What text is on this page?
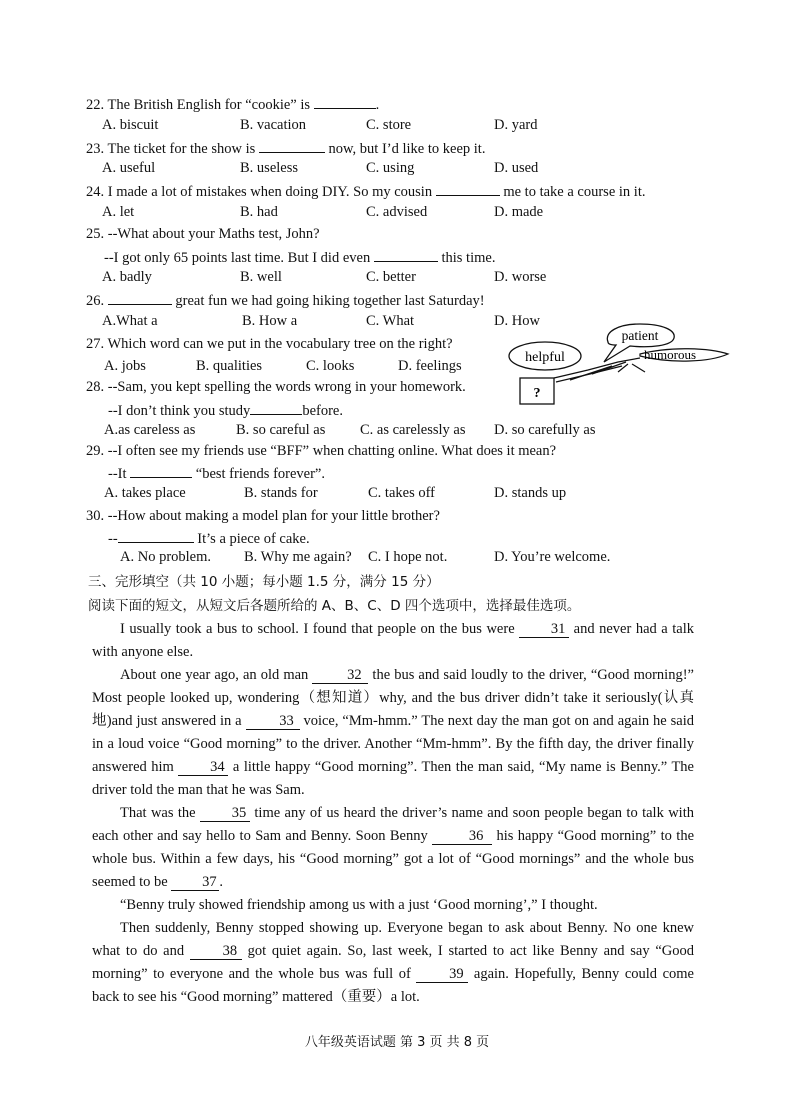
22. The British English for “cookie” is	.
A. biscuit	B. vacation	C. store	D. yard
23. The ticket for the show is	now, but I’d like to keep it.
A. useful	B. useless	C. using	D. used
24. I made a lot of mistakes when doing DIY. So my cousin	me to take a course in it.
A. let	B. had	C. advised	D. made
25. --What about your Maths test, John?
--I got only 65 points last time. But I did even	this time.
A. badly	B. well	C. better	D. worse
26.	great fun we had going hiking together last Saturday!
A.What a	B. How a	C. What	D. How
27. Which word can we put in the vocabulary tree on the right?
A. jobs	B. qualities	C. looks	D. feelings
helpful
patient
humorous
?
28. --Sam, you kept spelling the words wrong in your homework.
--I don’t think you study	before.
A.as careless as	B. so careful as C. as carelessly as D. so carefully as
29. --I often see my friends use “BFF” when chatting online. What does it mean?
--It	“best friends forever”.
A. takes place	B. stands for	C. takes off	D. stands up
30. --How about making a model plan for your little brother?
--	It’s a piece of cake.
A. No problem. B. Why me again? C. I hope not.	D. You’re welcome.
三、完形填空（共 10 小题；每小题 1.5 分，满分 15 分）
阅读下面的短文，从短文后各题所给的 A、B、C、D 四个选项中，选择最佳选项。

I usually took a bus to school. I found that people on the bus were 31 and never had a talk with anyone else.

About one year ago, an old man 32 the bus and said loudly to the driver, “Good morning!” Most people looked up, wondering（想知道）why, and the bus driver didn’t take it seriously(认真地)and just answered in a 33 voice, “Mm-hmm.” The next day the man got on and again he said in a loud voice “Good morning” to the driver. Another “Mm-hmm”. By the fifth day, the driver finally answered him 34 a little happy “Good morning”. Then the man said, “My name is Benny.” The driver told the man that he was Sam.

That was the 35 time any of us heard the driver’s name and soon people began to talk with each other and say hello to Sam and Benny. Soon Benny	36 his happy “Good morning” to the whole bus. Within a few days, his “Good morning” got a lot of “Good mornings” and the whole bus seemed to be 37 .

“Benny truly showed friendship among us with a just ‘Good morning’,” I thought.

Then suddenly, Benny stopped showing up. Everyone began to ask about Benny. No one knew what to do and 38 got quiet again. So, last week, I started to act like Benny and say “Good morning” to everyone and the whole bus was full of 39 again. Hopefully, Benny could come back to see his “Good morning” mattered（重要）a lot.

八年级英语试题 第 3 页 共 8 页
